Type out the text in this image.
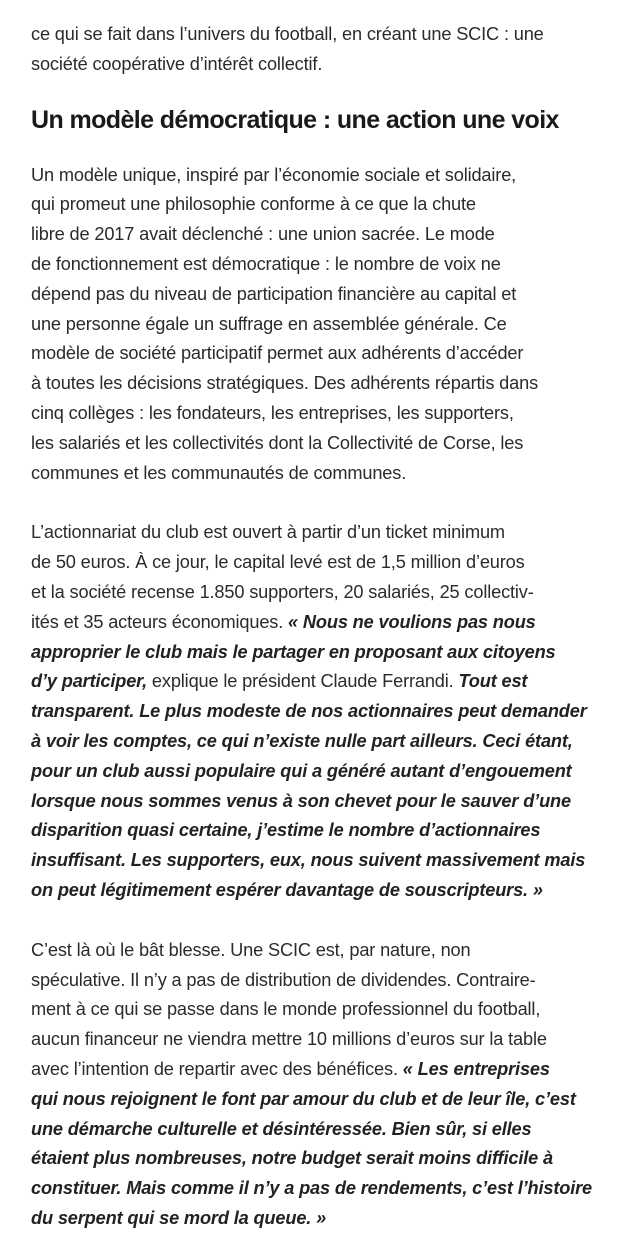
ce qui se fait dans l’univers du football, en créant une SCIC : une
société coopérative d’intérêt collectif.

Un modèle démocratique : une action une voix

Un modèle unique, inspiré par l’économie sociale et solidaire,
qui promeut une philosophie conforme à ce que la chute
libre de 2017 avait déclenché : une union sacrée. Le mode
de fonctionnement est démocratique : le nombre de voix ne
dépend pas du niveau de participation financière au capital et
une personne égale un suffrage en assemblée générale. Ce
modèle de société participatif permet aux adhérents d’accéder
à toutes les décisions stratégiques. Des adhérents répartis dans
cinq collèges : les fondateurs, les entreprises, les supporters,
les salariés et les collectivités dont la Collectivité de Corse, les
communes et les communautés de communes.

L’actionnariat du club est ouvert à partir d’un ticket minimum
de 50 euros. À ce jour, le capital levé est de 1,5 million d’euros
et la société recense 1.850 supporters, 20 salariés, 25 collectiv-
ités et 35 acteurs économiques. « Nous ne voulions pas nous
approprier le club mais le partager en proposant aux citoyens
d’y participer, explique le président Claude Ferrandi. Tout est
transparent. Le plus modeste de nos actionnaires peut demander
à voir les comptes, ce qui n’existe nulle part ailleurs. Ceci étant,
pour un club aussi populaire qui a généré autant d’engouement
lorsque nous sommes venus à son chevet pour le sauver d’une
disparition quasi certaine, j’estime le nombre d’actionnaires
insuffisant. Les supporters, eux, nous suivent massivement mais
on peut légitimement espérer davantage de souscripteurs. »

C’est là où le bât blesse. Une SCIC est, par nature, non
spéculative. Il n’y a pas de distribution de dividendes. Contraire-
ment à ce qui se passe dans le monde professionnel du football,
aucun financeur ne viendra mettre 10 millions d’euros sur la table
avec l’intention de repartir avec des bénéfices. « Les entreprises
qui nous rejoignent le font par amour du club et de leur île, c’est
une démarche culturelle et désintéressée. Bien sûr, si elles
étaient plus nombreuses, notre budget serait moins difficile à
constituer. Mais comme il n’y a pas de rendements, c’est l’histoire
du serpent qui se mord la queue. »
